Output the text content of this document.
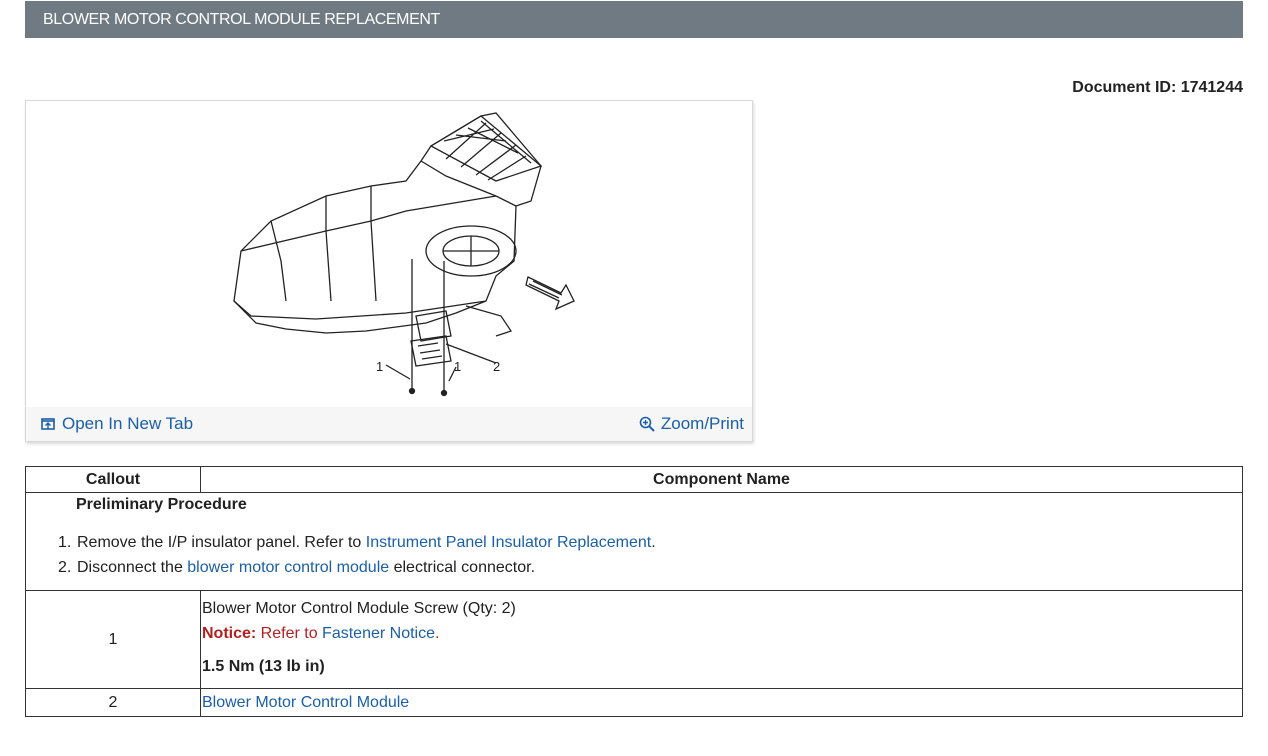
BLOWER MOTOR CONTROL MODULE REPLACEMENT
Document ID: 1741244
1	1 2
Open In New Tab	Zoom/Print
Callout	Component Name

Preliminary Procedure
1. Remove the I/P insulator panel. Refer to Instrument Panel Insulator Replacement.
2. Disconnect the blower motor control module electrical connector.	

1	Blower Motor Control Module Screw (Qty: 2)
Notice: Refer to Fastener Notice.
1.5 Nm (13 lb in)

2	Blower Motor Control Module
